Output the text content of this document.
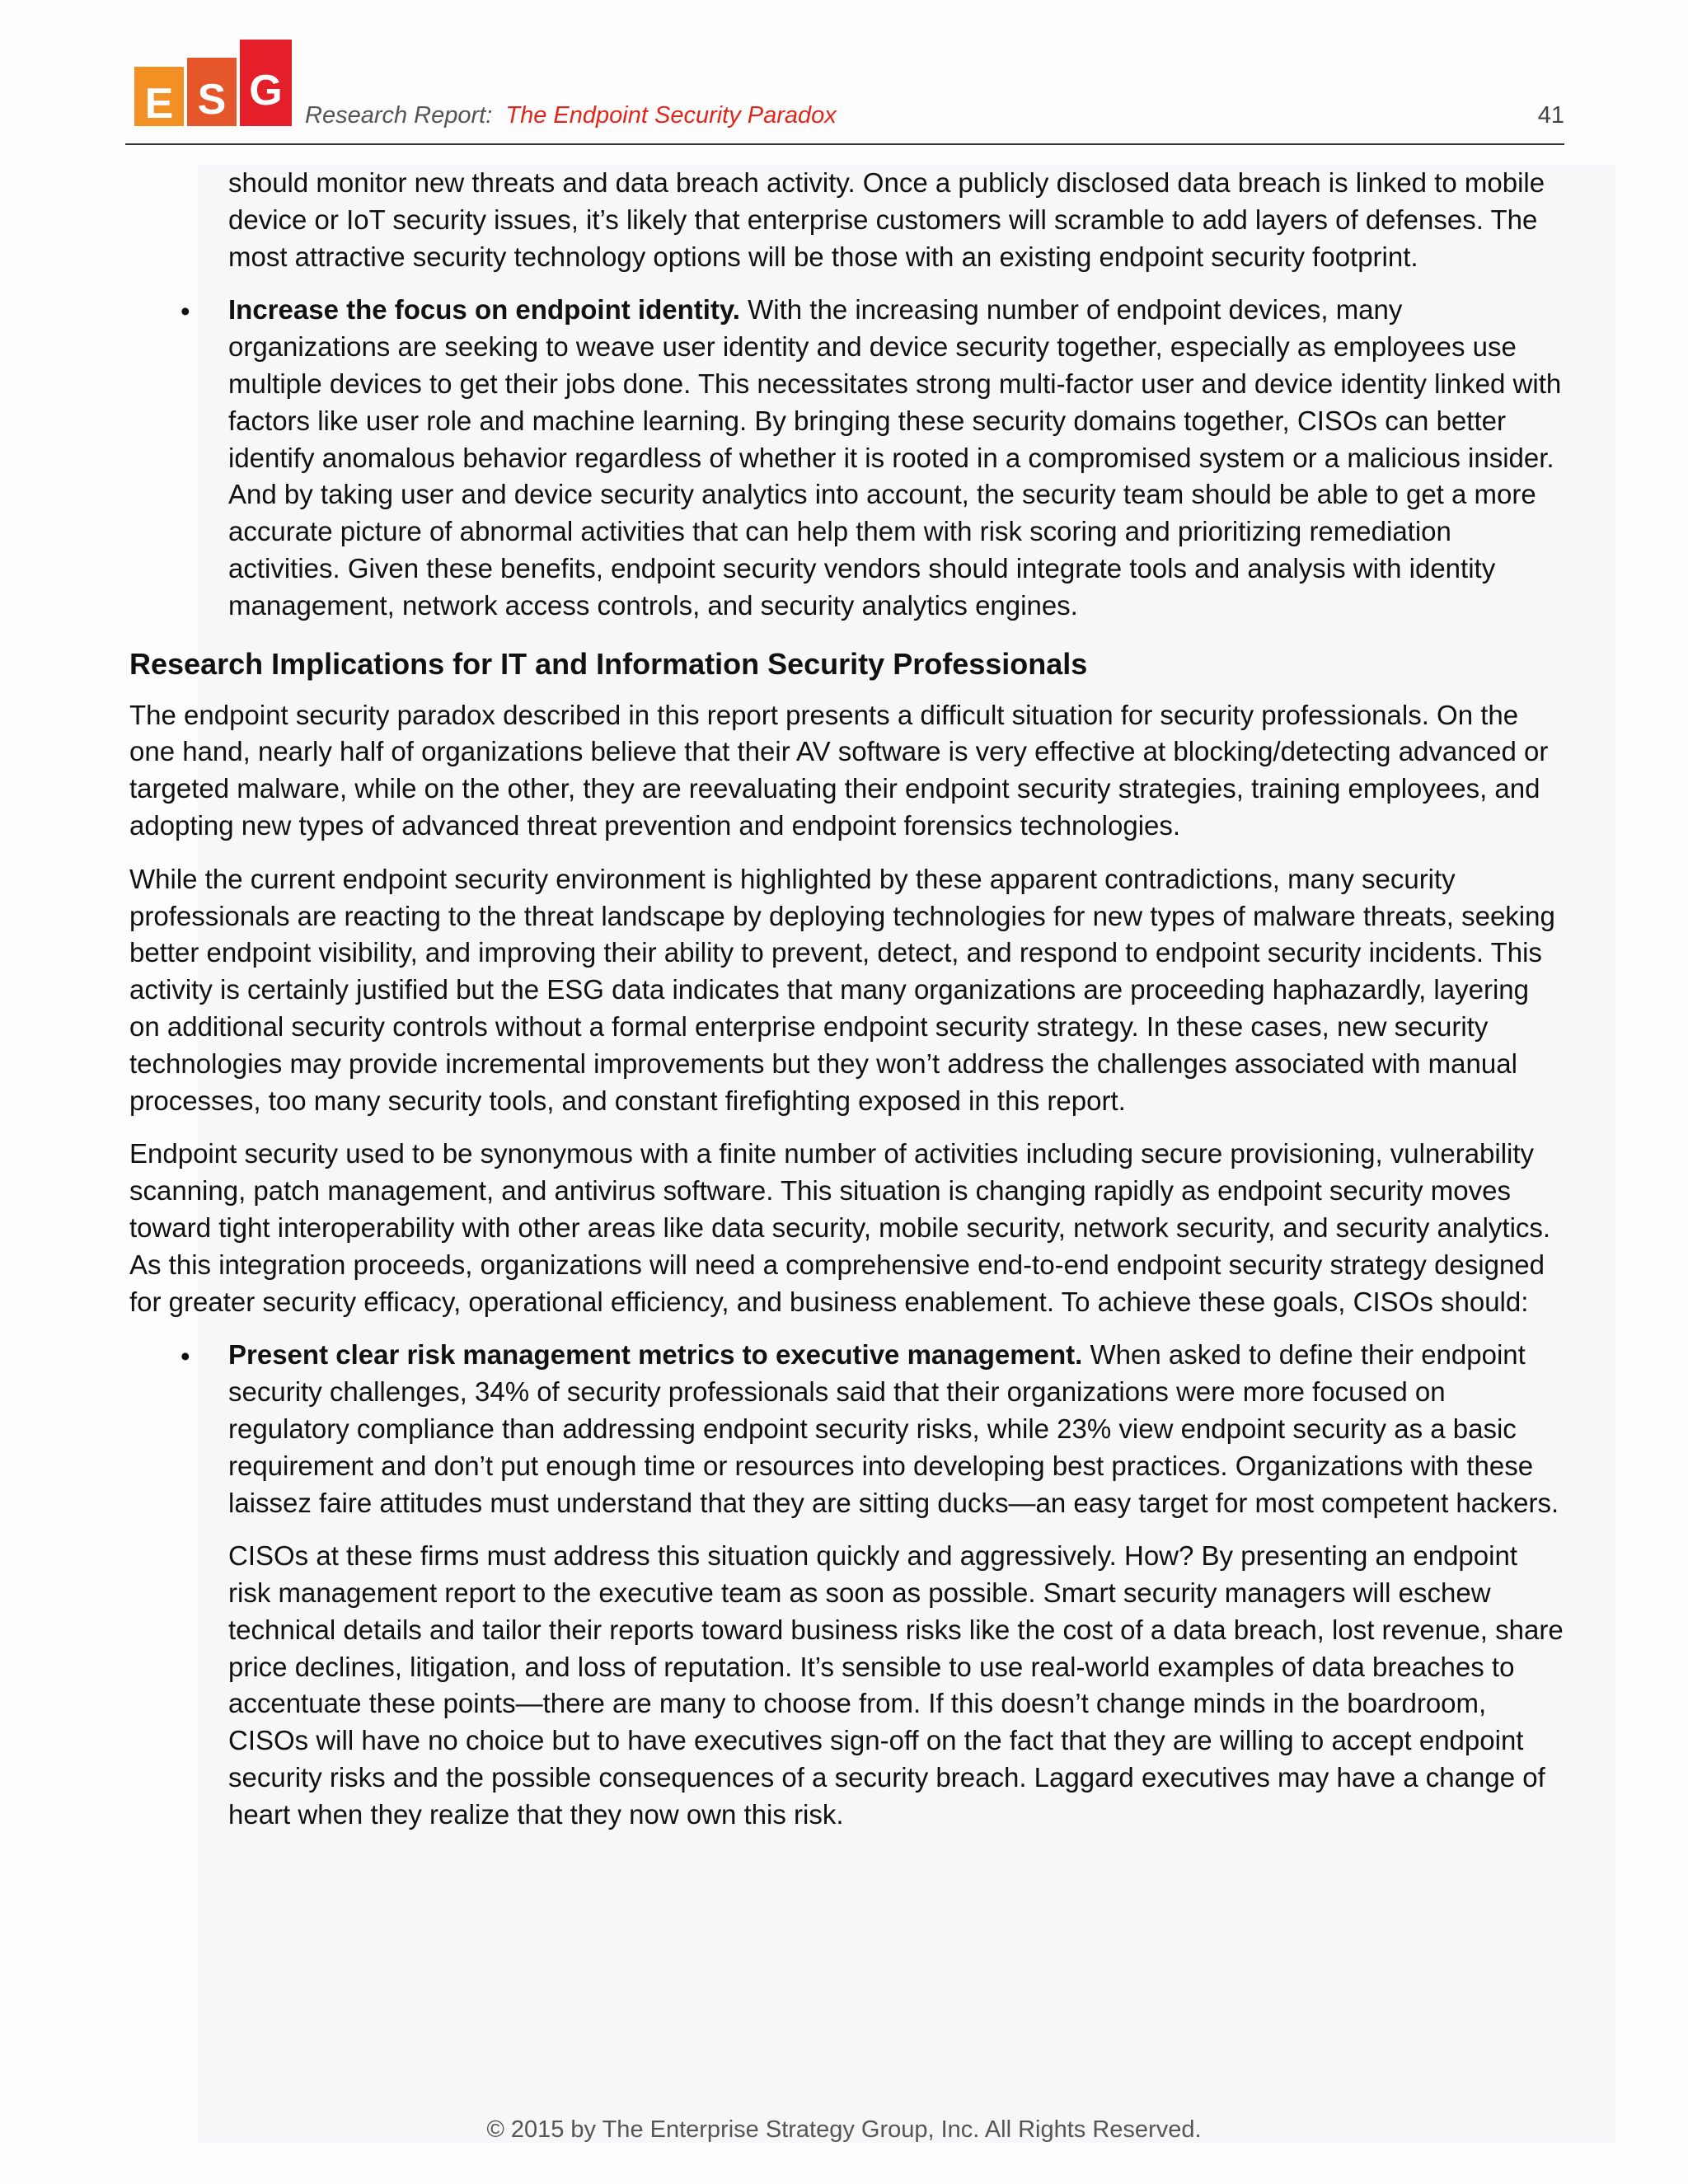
E S G
Research Report: The Endpoint Security Paradox	41

should monitor new threats and data breach activity. Once a publicly disclosed data breach is linked to mobile device or IoT security issues, it’s likely that enterprise customers will scramble to add layers of defenses. The most attractive security technology options will be those with an existing endpoint security footprint.

• Increase the focus on endpoint identity. With the increasing number of endpoint devices, many organizations are seeking to weave user identity and device security together, especially as employees use multiple devices to get their jobs done. This necessitates strong multi-factor user and device identity linked with factors like user role and machine learning. By bringing these security domains together, CISOs can better identify anomalous behavior regardless of whether it is rooted in a compromised system or a malicious insider. And by taking user and device security analytics into account, the security team should be able to get a more accurate picture of abnormal activities that can help them with risk scoring and prioritizing remediation activities. Given these benefits, endpoint security vendors should integrate tools and analysis with identity management, network access controls, and security analytics engines.
Research Implications for IT and Information Security Professionals

The endpoint security paradox described in this report presents a difficult situation for security professionals. On the one hand, nearly half of organizations believe that their AV software is very effective at blocking/detecting advanced or targeted malware, while on the other, they are reevaluating their endpoint security strategies, training employees, and adopting new types of advanced threat prevention and endpoint forensics technologies.

While the current endpoint security environment is highlighted by these apparent contradictions, many security professionals are reacting to the threat landscape by deploying technologies for new types of malware threats, seeking better endpoint visibility, and improving their ability to prevent, detect, and respond to endpoint security incidents. This activity is certainly justified but the ESG data indicates that many organizations are proceeding haphazardly, layering on additional security controls without a formal enterprise endpoint security strategy. In these cases, new security technologies may provide incremental improvements but they won’t address the challenges associated with manual processes, too many security tools, and constant firefighting exposed in this report.

Endpoint security used to be synonymous with a finite number of activities including secure provisioning, vulnerability scanning, patch management, and antivirus software. This situation is changing rapidly as endpoint security moves toward tight interoperability with other areas like data security, mobile security, network security, and security analytics. As this integration proceeds, organizations will need a comprehensive end-to-end endpoint security strategy designed for greater security efficacy, operational efficiency, and business enablement. To achieve these goals, CISOs should:

• Present clear risk management metrics to executive management. When asked to define their endpoint security challenges, 34% of security professionals said that their organizations were more focused on regulatory compliance than addressing endpoint security risks, while 23% view endpoint security as a basic requirement and don’t put enough time or resources into developing best practices. Organizations with these laissez faire attitudes must understand that they are sitting ducks—an easy target for most competent hackers.

CISOs at these firms must address this situation quickly and aggressively. How? By presenting an endpoint risk management report to the executive team as soon as possible. Smart security managers will eschew technical details and tailor their reports toward business risks like the cost of a data breach, lost revenue, share price declines, litigation, and loss of reputation. It’s sensible to use real-world examples of data breaches to accentuate these points—there are many to choose from. If this doesn’t change minds in the boardroom, CISOs will have no choice but to have executives sign-off on the fact that they are willing to accept endpoint security risks and the possible consequences of a security breach. Laggard executives may have a change of heart when they realize that they now own this risk.

© 2015 by The Enterprise Strategy Group, Inc. All Rights Reserved.
